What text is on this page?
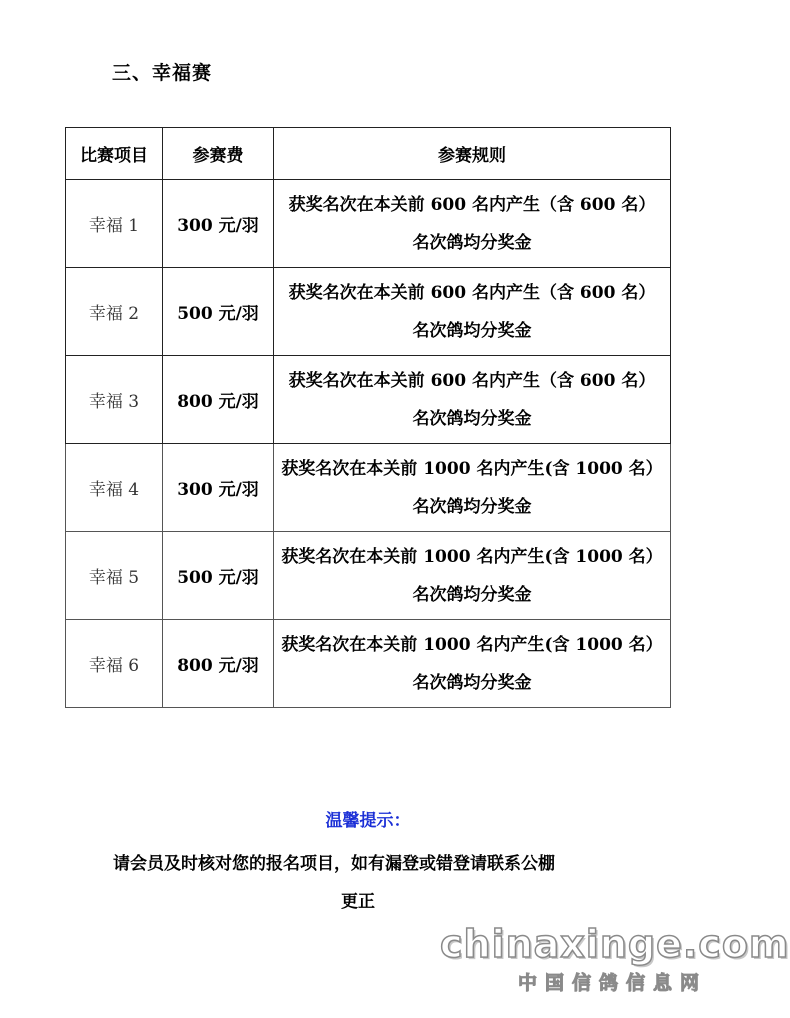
三、幸福赛
比赛项目	参赛费	参赛规则
幸福 1	300 元/羽	获奖名次在本关前 600 名内产生（含 600 名）
名次鸽均分奖金

幸福 2	500 元/羽	获奖名次在本关前 600 名内产生（含 600 名）
名次鸽均分奖金

幸福 3	800 元/羽	获奖名次在本关前 600 名内产生（含 600 名）
名次鸽均分奖金

幸福 4	300 元/羽	获奖名次在本关前 1000 名内产生(含 1000 名）
名次鸽均分奖金

幸福 5	500 元/羽	获奖名次在本关前 1000 名内产生(含 1000 名）
名次鸽均分奖金

幸福 6	800 元/羽	获奖名次在本关前 1000 名内产生(含 1000 名）
名次鸽均分奖金
温馨提示：
请会员及时核对您的报名项目，如有漏登或错登请联系公棚
更正
chinaxinge.com
中国信鸽信息网
